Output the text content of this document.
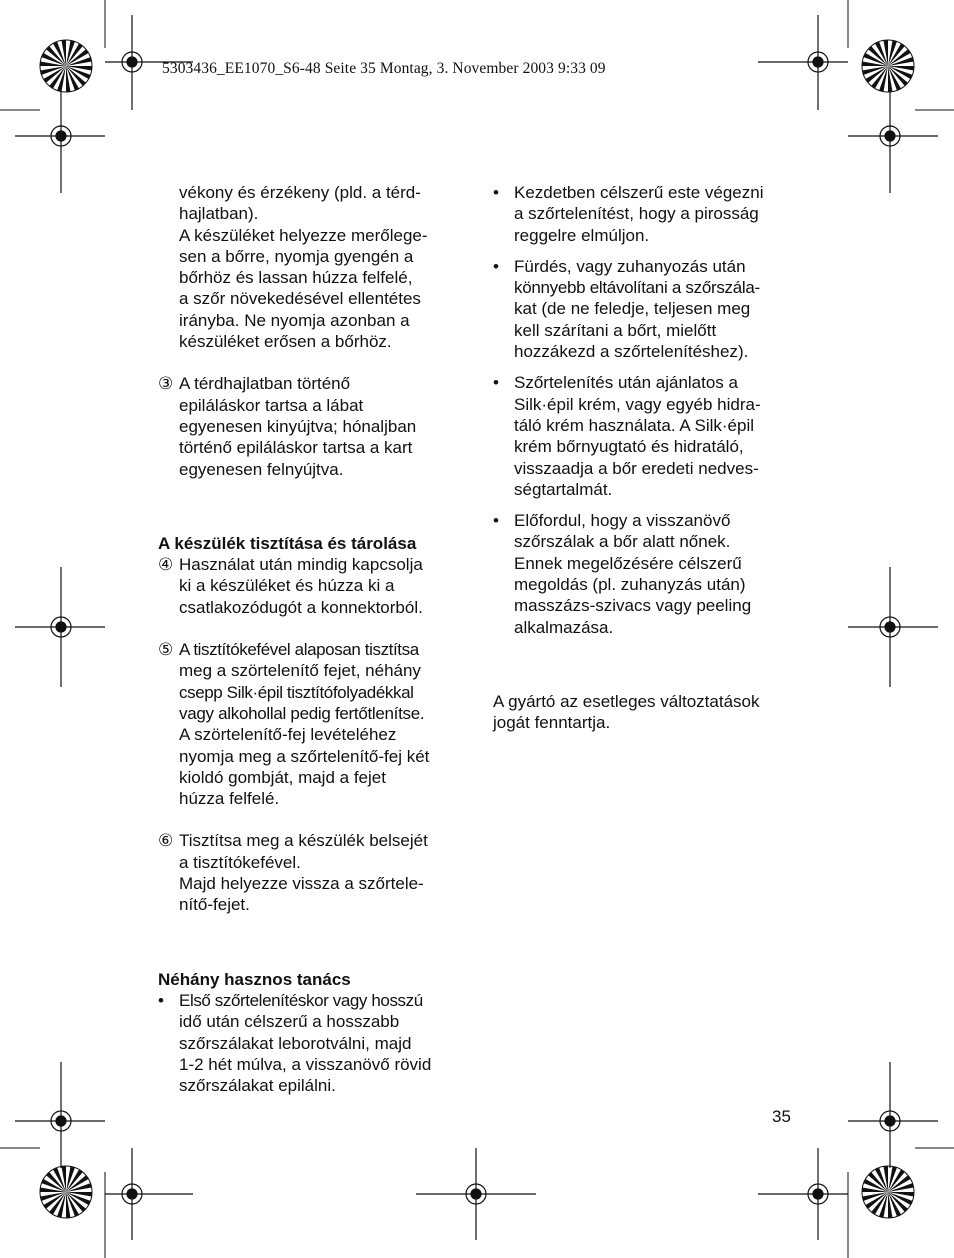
5303436_EE1070_S6-48 Seite 35 Montag, 3. November 2003 9:33 09
vékony és érzékeny (pld. a térd-
hajlatban).
A készüléket helyezze merőlege-
sen a bőrre, nyomja gyengén a
bőrhöz és lassan húzza felfelé,
a szőr növekedésével ellentétes
irányba. Ne nyomja azonban a
készüléket erősen a bőrhöz.
③ A térdhajlatban történő
epiláláskor tartsa a lábat
egyenesen kinyújtva; hónaljban
történő epiláláskor tartsa a kart
egyenesen felnyújtva.

A készülék tisztítása és tárolása

④ Használat után mindig kapcsolja
ki a készüléket és húzza ki a
csatlakozódugót a konnektorból.
⑤ A tisztítókefével alaposan tisztítsa
meg a szörtelenítő fejet, néhány
csepp Silk·épil tisztítófolyadékkal
vagy alkohollal pedig fertőtlenítse.
A szörtelenítő-fej levételéhez
nyomja meg a szőrtelenítő-fej két
kioldó gombját, majd a fejet
húzza felfelé.
⑥ Tisztítsa meg a készülék belsejét
a tisztítókefével.
Majd helyezze vissza a szőrtele-
nítő-fejet.

Néhány hasznos tanács

• Első szőrtelenítéskor vagy hosszú
idő után célszerű a hosszabb
szőrszálakat leborotválni, majd
1-2 hét múlva, a visszanövő rövid
szőrszálakat epilálni.
• Kezdetben célszerű este végezni
a szőrtelenítést, hogy a pirosság
reggelre elmúljon.
• Fürdés, vagy zuhanyozás után
könnyebb eltávolítani a szőrszála-
kat (de ne feledje, teljesen meg
kell szárítani a bőrt, mielőtt
hozzákezd a szőrtelenítéshez).
• Szőrtelenítés után ajánlatos a
Silk·épil krém, vagy egyéb hidra-
táló krém használata. A Silk·épil
krém bőrnyugtató és hidratáló,
visszaadja a bőr eredeti nedves-
ségtartalmát.
• Előfordul, hogy a visszanövő
szőrszálak a bőr alatt nőnek.
Ennek megelőzésére célszerű
megoldás (pl. zuhanyzás után)
masszázs-szivacs vagy peeling
alkalmazása.
A gyártó az esetleges változtatások
jogát fenntartja.
35
